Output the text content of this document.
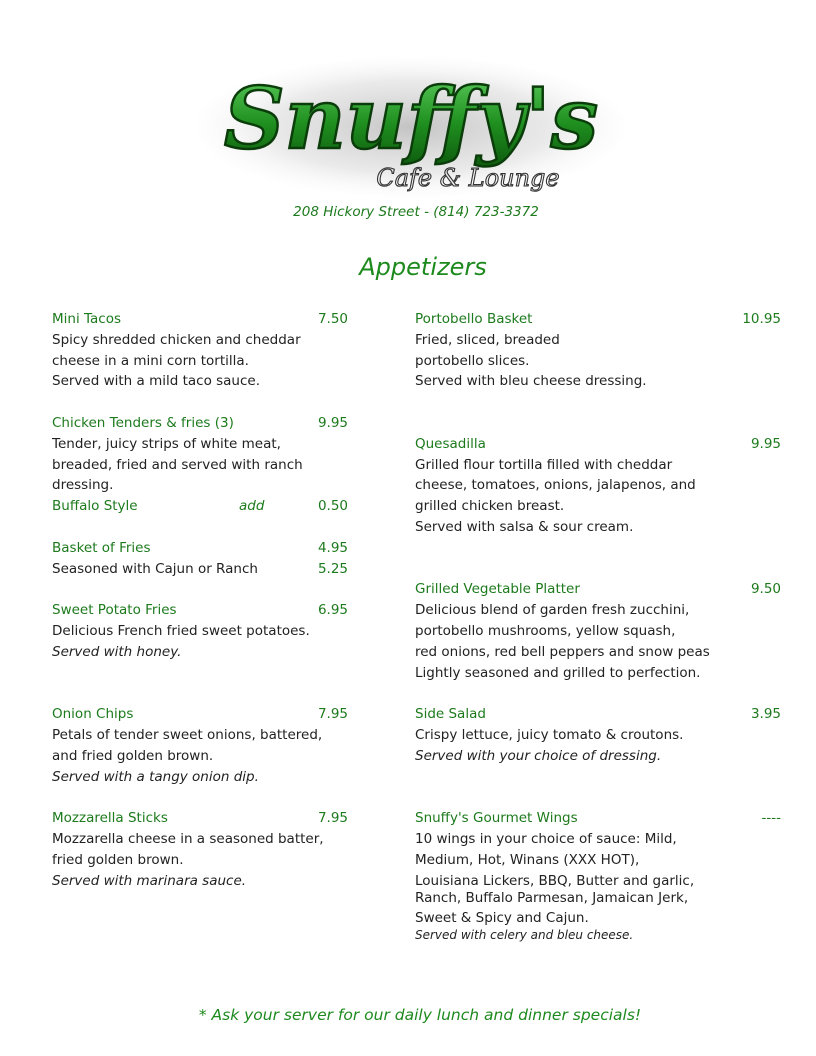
Snuffy's
Cafe & Lounge
208 Hickory Street - (814) 723-3372
Appetizers
Mini Tacos	7.50
Spicy shredded chicken and cheddar
cheese in a mini corn tortilla.
Served with a mild taco sauce.
Chicken Tenders & fries (3)	9.95
Tender, juicy strips of white meat,
breaded, fried and served with ranch
dressing.
Buffalo Style	add	0.50
Basket of Fries	4.95
Seasoned with Cajun or Ranch	5.25
Sweet Potato Fries	6.95
Delicious French fried sweet potatoes.
Served with honey.
Onion Chips	7.95
Petals of tender sweet onions, battered,
and fried golden brown.
Served with a tangy onion dip.
Mozzarella Sticks	7.95
Mozzarella cheese in a seasoned batter,
fried golden brown.
Served with marinara sauce.
Portobello Basket	10.95
Fried, sliced, breaded
portobello slices.
Served with bleu cheese dressing.
Quesadilla	9.95
Grilled flour tortilla filled with cheddar
cheese, tomatoes, onions, jalapenos, and
grilled chicken breast.
Served with salsa & sour cream.
Grilled Vegetable Platter	9.50
Delicious blend of garden fresh zucchini,
portobello mushrooms, yellow squash,
red onions, red bell peppers and snow peas
Lightly seasoned and grilled to perfection.
Side Salad	3.95
Crispy lettuce, juicy tomato & croutons.
Served with your choice of dressing.
Snuffy's Gourmet Wings	----
10 wings in your choice of sauce: Mild,
Medium, Hot, Winans (XXX HOT),
Louisiana Lickers, BBQ, Butter and garlic,
Ranch, Buffalo Parmesan, Jamaican Jerk,
Sweet & Spicy and Cajun.
Served with celery and bleu cheese.
* Ask your server for our daily lunch and dinner specials!
